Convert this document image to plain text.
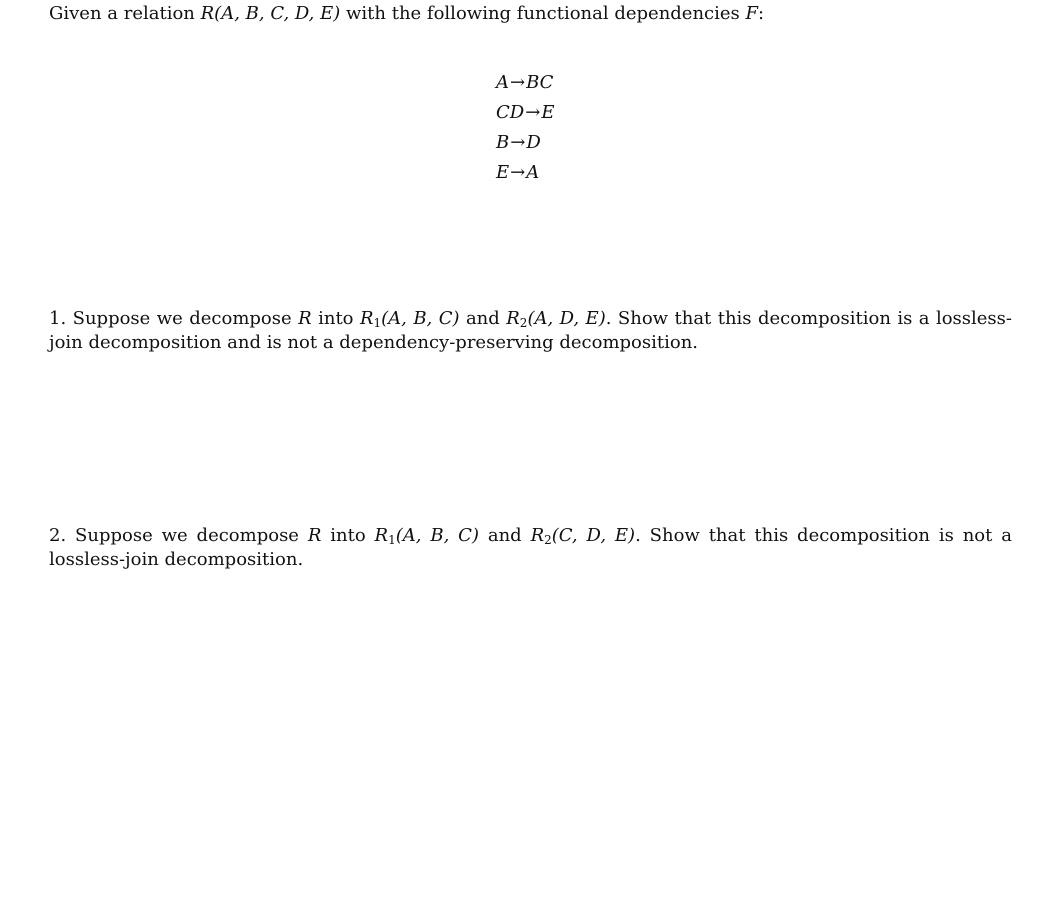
Given a relation R(A, B, C, D, E) with the following functional dependencies F:

A→BC
CD→E
B→D
E→A

1. Suppose we decompose R into $R_1(A$, B, C) and $R_2(A$, D, E). Show that this decomposition is a lossless-join decomposition and is not a dependency-preserving decomposition.

2. Suppose we decompose R into $R_1(A$, B, C) and $R_2(C$, D, E). Show that this decomposition is not a lossless-join decomposition.
